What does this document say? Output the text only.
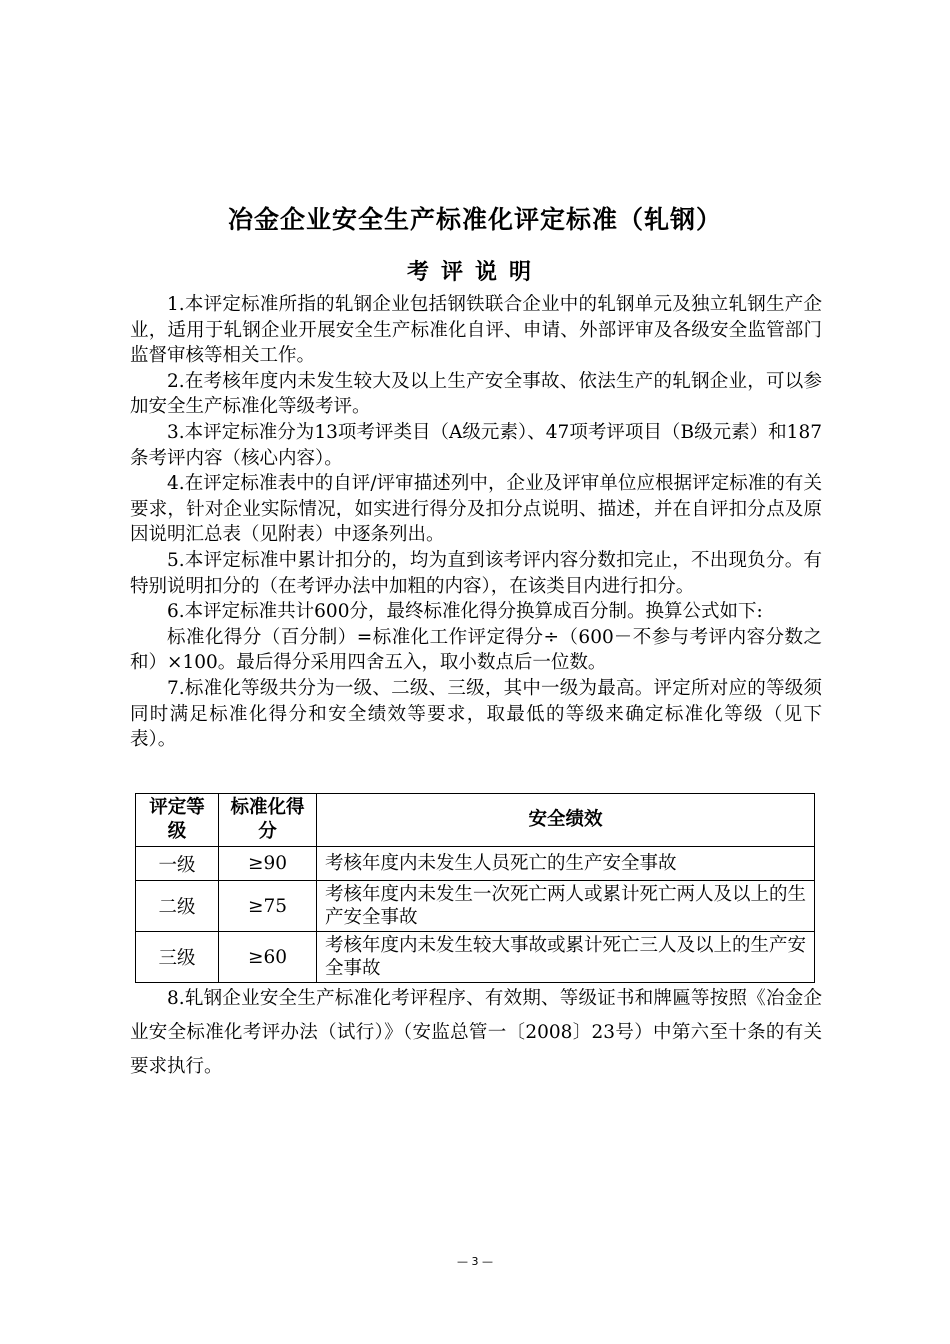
冶金企业安全生产标准化评定标准（轧钢）
考评说明

1.本评定标准所指的轧钢企业包括钢铁联合企业中的轧钢单元及独立轧钢生产企业，适用于轧钢企业开展安全生产标准化自评、申请、外部评审及各级安全监管部门监督审核等相关工作。

2.在考核年度内未发生较大及以上生产安全事故、依法生产的轧钢企业，可以参加安全生产标准化等级考评。

3.本评定标准分为13项考评类目（A级元素）、47项考评项目（B级元素）和187条考评内容（核心内容）。

4.在评定标准表中的自评/评审描述列中，企业及评审单位应根据评定标准的有关要求，针对企业实际情况，如实进行得分及扣分点说明、描述，并在自评扣分点及原因说明汇总表（见附表）中逐条列出。

5.本评定标准中累计扣分的，均为直到该考评内容分数扣完止，不出现负分。有特别说明扣分的（在考评办法中加粗的内容），在该类目内进行扣分。

6.本评定标准共计600分，最终标准化得分换算成百分制。换算公式如下:

标准化得分（百分制）=标准化工作评定得分÷（600－不参与考评内容分数之和）×100。最后得分采用四舍五入，取小数点后一位数。

7.标准化等级共分为一级、二级、三级，其中一级为最高。评定所对应的等级须同时满足标准化得分和安全绩效等要求，取最低的等级来确定标准化等级（见下表）。

评定等级	标准化得分	安全绩效
一级	≥90	考核年度内未发生人员死亡的生产安全事故
二级	≥75	考核年度内未发生一次死亡两人或累计死亡两人及以上的生产安全事故
三级	≥60	考核年度内未发生较大事故或累计死亡三人及以上的生产安全事故

8.轧钢企业安全生产标准化考评程序、有效期、等级证书和牌匾等按照《冶金企业安全标准化考评办法（试行）》（安监总管一〔2008〕23号）中第六至十条的有关要求执行。

— 3 —
